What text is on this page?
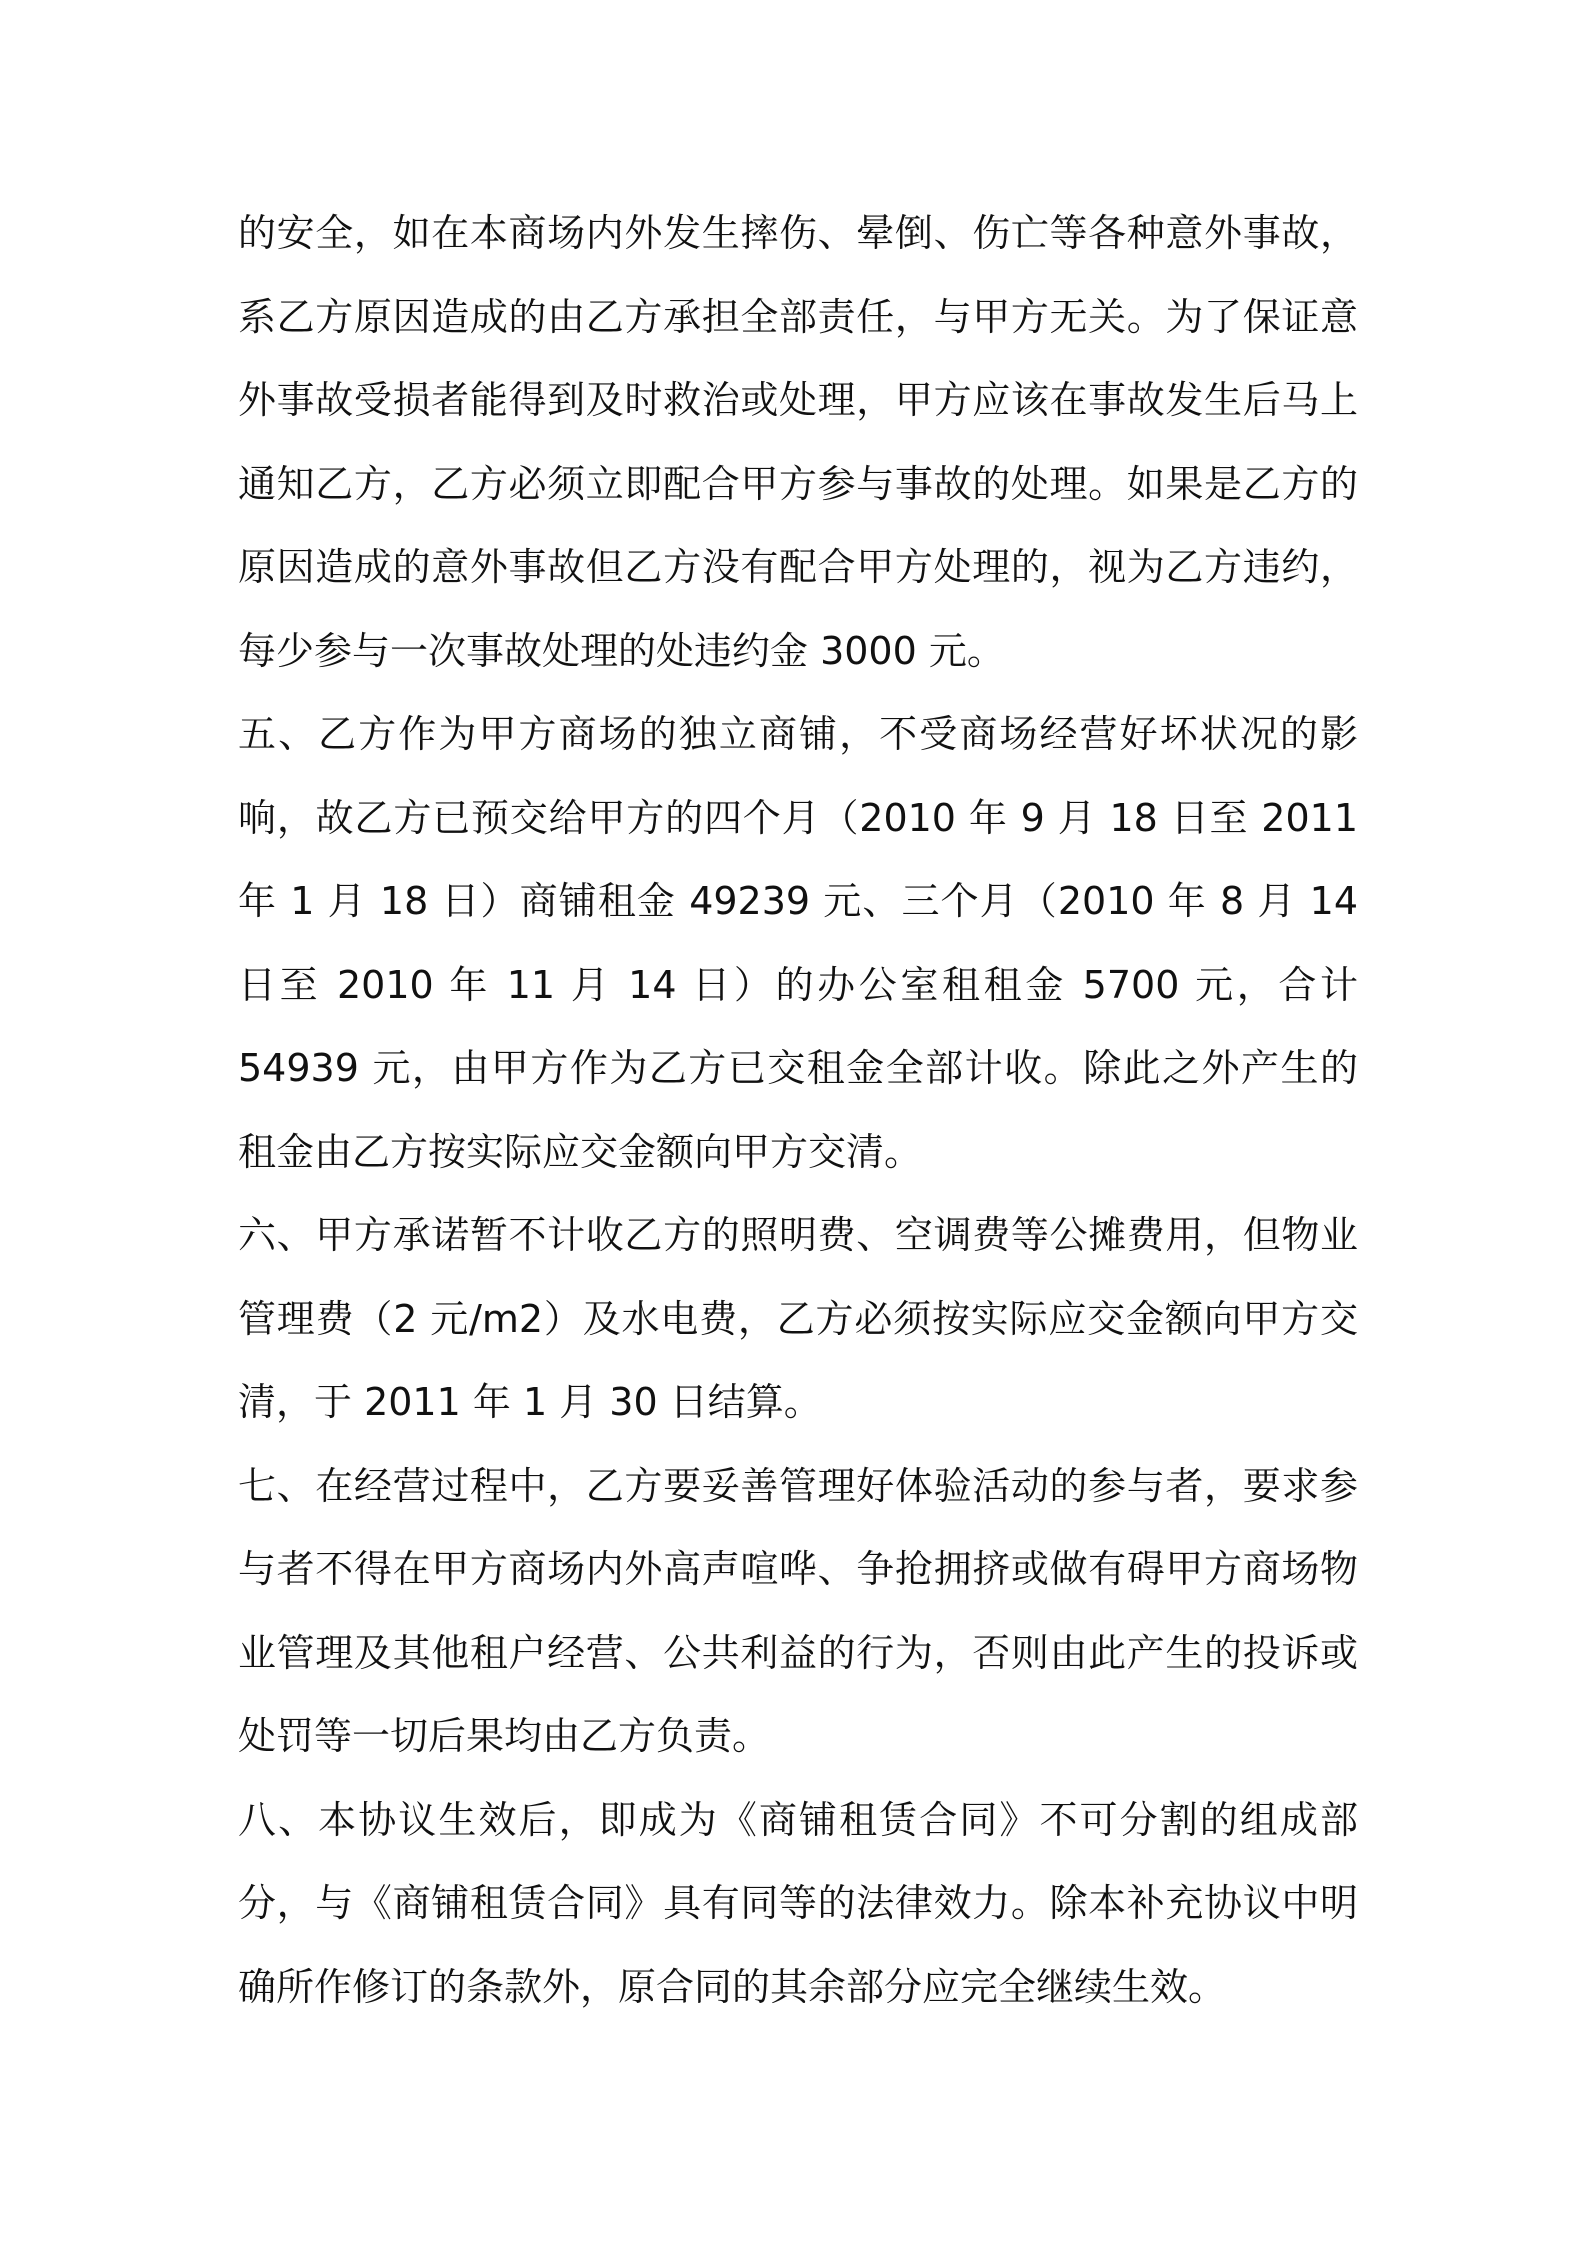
的安全，如在本商场内外发生摔伤、晕倒、伤亡等各种意外事故，系乙方原因造成的由乙方承担全部责任，与甲方无关。为了保证意外事故受损者能得到及时救治或处理，甲方应该在事故发生后马上通知乙方，乙方必须立即配合甲方参与事故的处理。如果是乙方的原因造成的意外事故但乙方没有配合甲方处理的，视为乙方违约，每少参与一次事故处理的处违约金 3000 元。

五、乙方作为甲方商场的独立商铺，不受商场经营好坏状况的影响，故乙方已预交给甲方的四个月（2010 年 9 月 18 日至 2011 年 1 月 18 日）商铺租金 49239 元、三个月（2010 年 8 月 14 日至 2010 年 11 月 14 日）的办公室租租金 5700 元，合计 54939 元，由甲方作为乙方已交租金全部计收。除此之外产生的租金由乙方按实际应交金额向甲方交清。

六、甲方承诺暂不计收乙方的照明费、空调费等公摊费用，但物业管理费（2 元/m2）及水电费，乙方必须按实际应交金额向甲方交清，于 2011 年 1 月 30 日结算。

七、在经营过程中，乙方要妥善管理好体验活动的参与者，要求参与者不得在甲方商场内外高声喧哗、争抢拥挤或做有碍甲方商场物业管理及其他租户经营、公共利益的行为，否则由此产生的投诉或处罚等一切后果均由乙方负责。

八、本协议生效后，即成为《商铺租赁合同》不可分割的组成部分，与《商铺租赁合同》具有同等的法律效力。除本补充协议中明确所作修订的条款外，原合同的其余部分应完全继续生效。
